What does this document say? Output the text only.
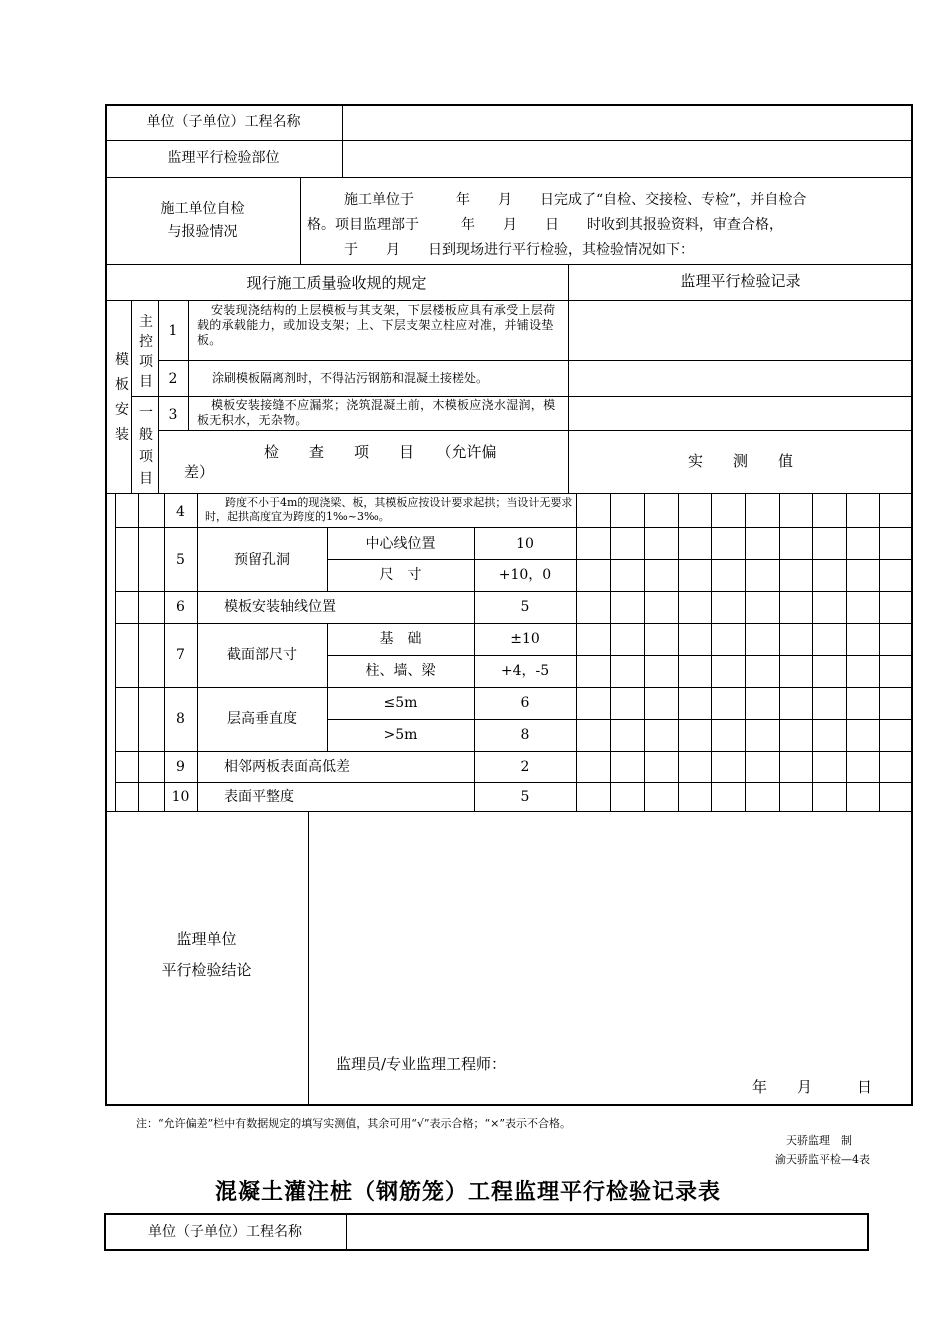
单位（子单位）工程名称
监理平行检验部位
施工单位自检
与报验情况
施工单位于　　　年　　月　　日完成了“自检、交接检、专检”，并自检合
格。项目监理部于　　　年　　月　　日　　时收到其报验资料，审查合格，
于　　月　　日到现场进行平行检验，其检验情况如下：
现行施工质量验收规的规定	监理平行检验记录
模板安装
主控项目
一般项目
1
安装现浇结构的上层模板与其支架，下层楼板应具有承受上层荷载的承载能力，或加设支架；上、下层支架立柱应对准，并铺设垫板。
2	涂刷模板隔离剂时，不得沾污钢筋和混凝土接槎处。
3
模板安装接缝不应漏浆；浇筑混凝土前，木模板应浇水湿润，模板无积水，无杂物。
检　　查　　项　　目　　（允许偏
差）
实　　测　　值
4
跨度不小于4m的现浇梁、板，其模板应按设计要求起拱；当设计无要求时，起拱高度宜为跨度的1‰~3‰。
5	预留孔洞
中心线位置	10
尺　寸	+10，0
6	模板安装轴线位置	5
7	截面部尺寸
基　础	±10
柱、墙、梁	+4，-5
8	层高垂直度
≤5m	6
>5m	8
9	相邻两板表面高低差	2
10	表面平整度	5
监理单位
平行检验结论
监理员/专业监理工程师：
年　　月　　　日
注：“允许偏差”栏中有数据规定的填写实测值，其余可用“√”表示合格；“×”表示不合格。
天骄监理　制
渝天骄监平检—4表
混凝土灌注桩（钢筋笼）工程监理平行检验记录表
单位（子单位）工程名称
